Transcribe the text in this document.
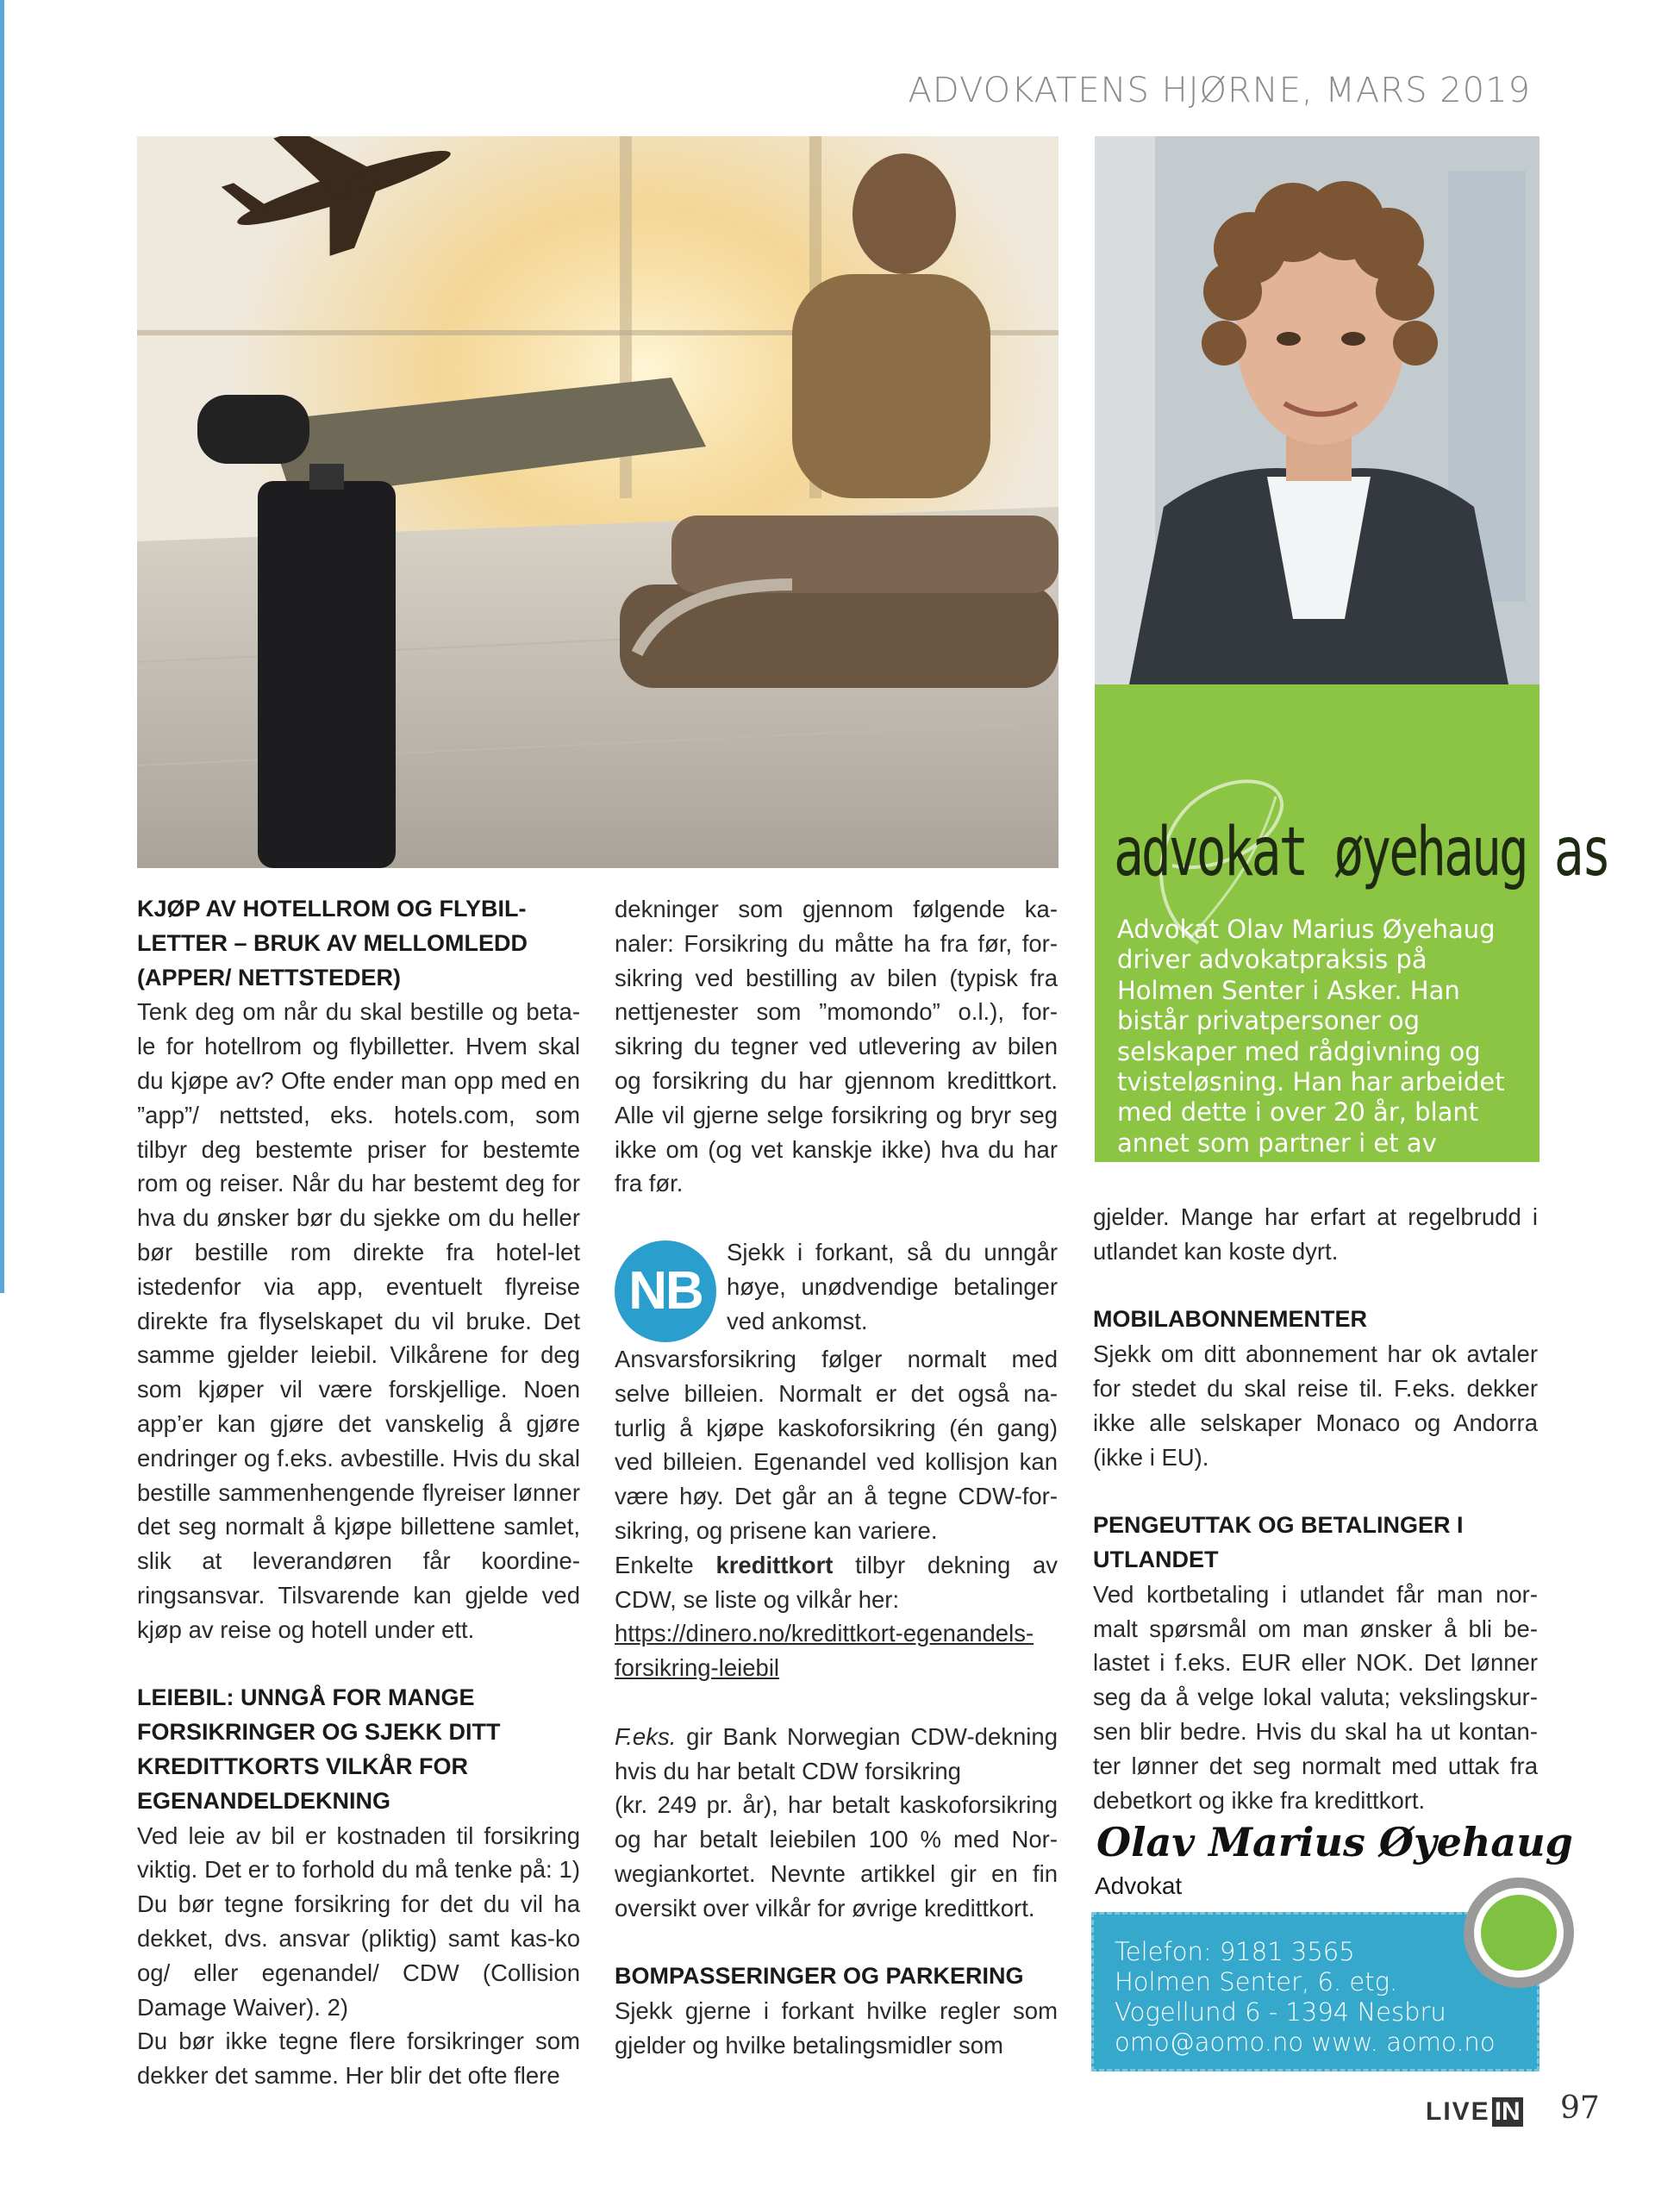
ADVOKATENS HJØRNE, MARS 2019
advokat øyehaug as

Advokat Olav Marius Øyehaug driver advokatpraksis på Holmen Senter i Asker. Han bistår privatpersoner og selskaper med rådgivning og tvisteløsning. Han har arbeidet med dette i over 20 år, blant annet som partner i et av Norges største advokatfirmaer.

KJØP AV HOTELLROM OG FLYBIL-LETTER – BRUK AV MELLOMLEDD (APPER/ NETTSTEDER)

Tenk deg om når du skal bestille og beta-le for hotellrom og flybilletter. Hvem skal du kjøpe av? Ofte ender man opp med en ”app”/ nettsted, eks. hotels.com, som tilbyr deg bestemte priser for bestemte rom og reiser. Når du har bestemt deg for hva du ønsker bør du sjekke om du heller bør bestille rom direkte fra hotel-let istedenfor via app, eventuelt flyreise direkte fra flyselskapet du vil bruke. Det samme gjelder leiebil. Vilkårene for deg som kjøper vil være forskjellige. Noen app’er kan gjøre det vanskelig å gjøre endringer og f.eks. avbestille. Hvis du skal bestille sammenhengende flyreiser lønner det seg normalt å kjøpe billettene samlet, slik at leverandøren får koordine-ringsansvar. Tilsvarende kan gjelde ved kjøp av reise og hotell under ett.

LEIEBIL: UNNGÅ FOR MANGE FORSIKRINGER OG SJEKK DITT KREDITTKORTS VILKÅR FOR EGENANDELDEKNING

Ved leie av bil er kostnaden til forsikring viktig. Det er to forhold du må tenke på: 1) Du bør tegne forsikring for det du vil ha dekket, dvs. ansvar (pliktig) samt kas-ko og/ eller egenandel/ CDW (Collision Damage Waiver). 2)

Du bør ikke tegne flere forsikringer som dekker det samme. Her blir det ofte flere

dekninger som gjennom følgende ka-naler: Forsikring du måtte ha fra før, for-sikring ved bestilling av bilen (typisk fra nettjenester som ”momondo” o.l.), for-sikring du tegner ved utlevering av bilen og forsikring du har gjennom kredittkort. Alle vil gjerne selge forsikring og bryr seg ikke om (og vet kanskje ikke) hva du har fra før.

NB

Sjekk i forkant, så du unngår høye, unødvendige betalinger ved ankomst.

Ansvarsforsikring følger normalt med selve billeien. Normalt er det også na-turlig å kjøpe kaskoforsikring (én gang) ved billeien. Egenandel ved kollisjon kan være høy. Det går an å tegne CDW-for-sikring, og prisene kan variere.

Enkelte kredittkort tilbyr dekning av CDW, se liste og vilkår her:

https://dinero.no/kredittkort-egenandels-forsikring-leiebil

F.eks. gir Bank Norwegian CDW-dekning hvis du har betalt CDW forsikring

(kr. 249 pr. år), har betalt kaskoforsikring og har betalt leiebilen 100 % med Nor-wegiankortet. Nevnte artikkel gir en fin oversikt over vilkår for øvrige kredittkort.

BOMPASSERINGER OG PARKERING

Sjekk gjerne i forkant hvilke regler som gjelder og hvilke betalingsmidler som

gjelder. Mange har erfart at regelbrudd i utlandet kan koste dyrt.

MOBILABONNEMENTER

Sjekk om ditt abonnement har ok avtaler for stedet du skal reise til. F.eks. dekker ikke alle selskaper Monaco og Andorra (ikke i EU).

PENGEUTTAK OG BETALINGER I UTLANDET

Ved kortbetaling i utlandet får man nor-malt spørsmål om man ønsker å bli be-lastet i f.eks. EUR eller NOK. Det lønner seg da å velge lokal valuta; vekslingskur-sen blir bedre. Hvis du skal ha ut kontan-ter lønner det seg normalt med uttak fra debetkort og ikke fra kredittkort.

Olav Marius Øyehaug
Advokat
Telefon: 9181 3565
Holmen Senter, 6. etg.
Vogellund 6 - 1394 Nesbru
omo@aomo.no www. aomo.no
LIVE IN 97
